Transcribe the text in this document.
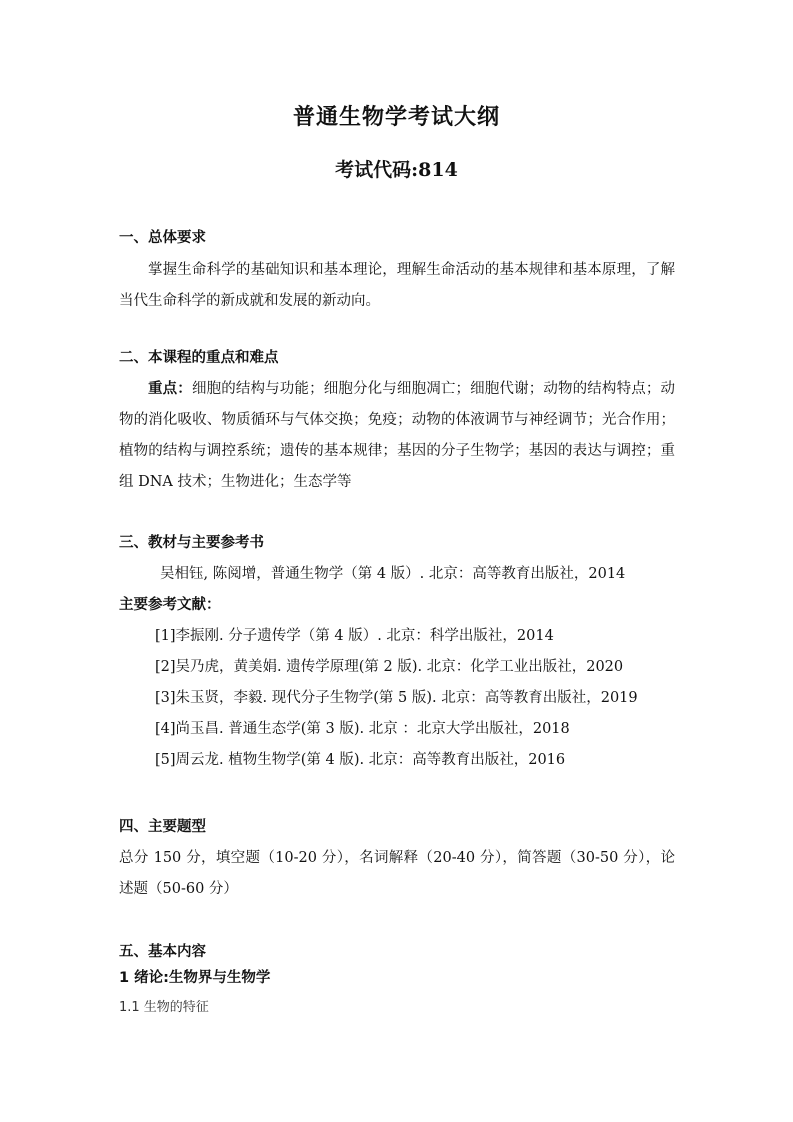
普通生物学考试大纲
考试代码:814
一、总体要求
掌握生命科学的基础知识和基本理论，理解生命活动的基本规律和基本原理，了解当代生命科学的新成就和发展的新动向。
二、本课程的重点和难点
重点：细胞的结构与功能；细胞分化与细胞凋亡；细胞代谢；动物的结构特点；动物的消化吸收、物质循环与气体交换；免疫；动物的体液调节与神经调节；光合作用；植物的结构与调控系统；遗传的基本规律；基因的分子生物学；基因的表达与调控；重组 DNA 技术；生物进化；生态学等
三、教材与主要参考书
吴相钰, 陈阅增，普通生物学（第 4 版）. 北京：高等教育出版社，2014
主要参考文献：
[1]李振刚. 分子遗传学（第 4 版）. 北京：科学出版社，2014
[2]吴乃虎，黄美娟. 遗传学原理(第 2 版). 北京：化学工业出版社，2020
[3]朱玉贤，李毅. 现代分子生物学(第 5 版). 北京：高等教育出版社，2019
[4]尚玉昌. 普通生态学(第 3 版). 北京 ：北京大学出版社，2018
[5]周云龙. 植物生物学(第 4 版). 北京：高等教育出版社，2016
四、主要题型
总分 150 分，填空题（10-20 分），名词解释（20-40 分），简答题（30-50 分），论述题（50-60 分）
五、基本内容
1 绪论:生物界与生物学
1.1 生物的特征
